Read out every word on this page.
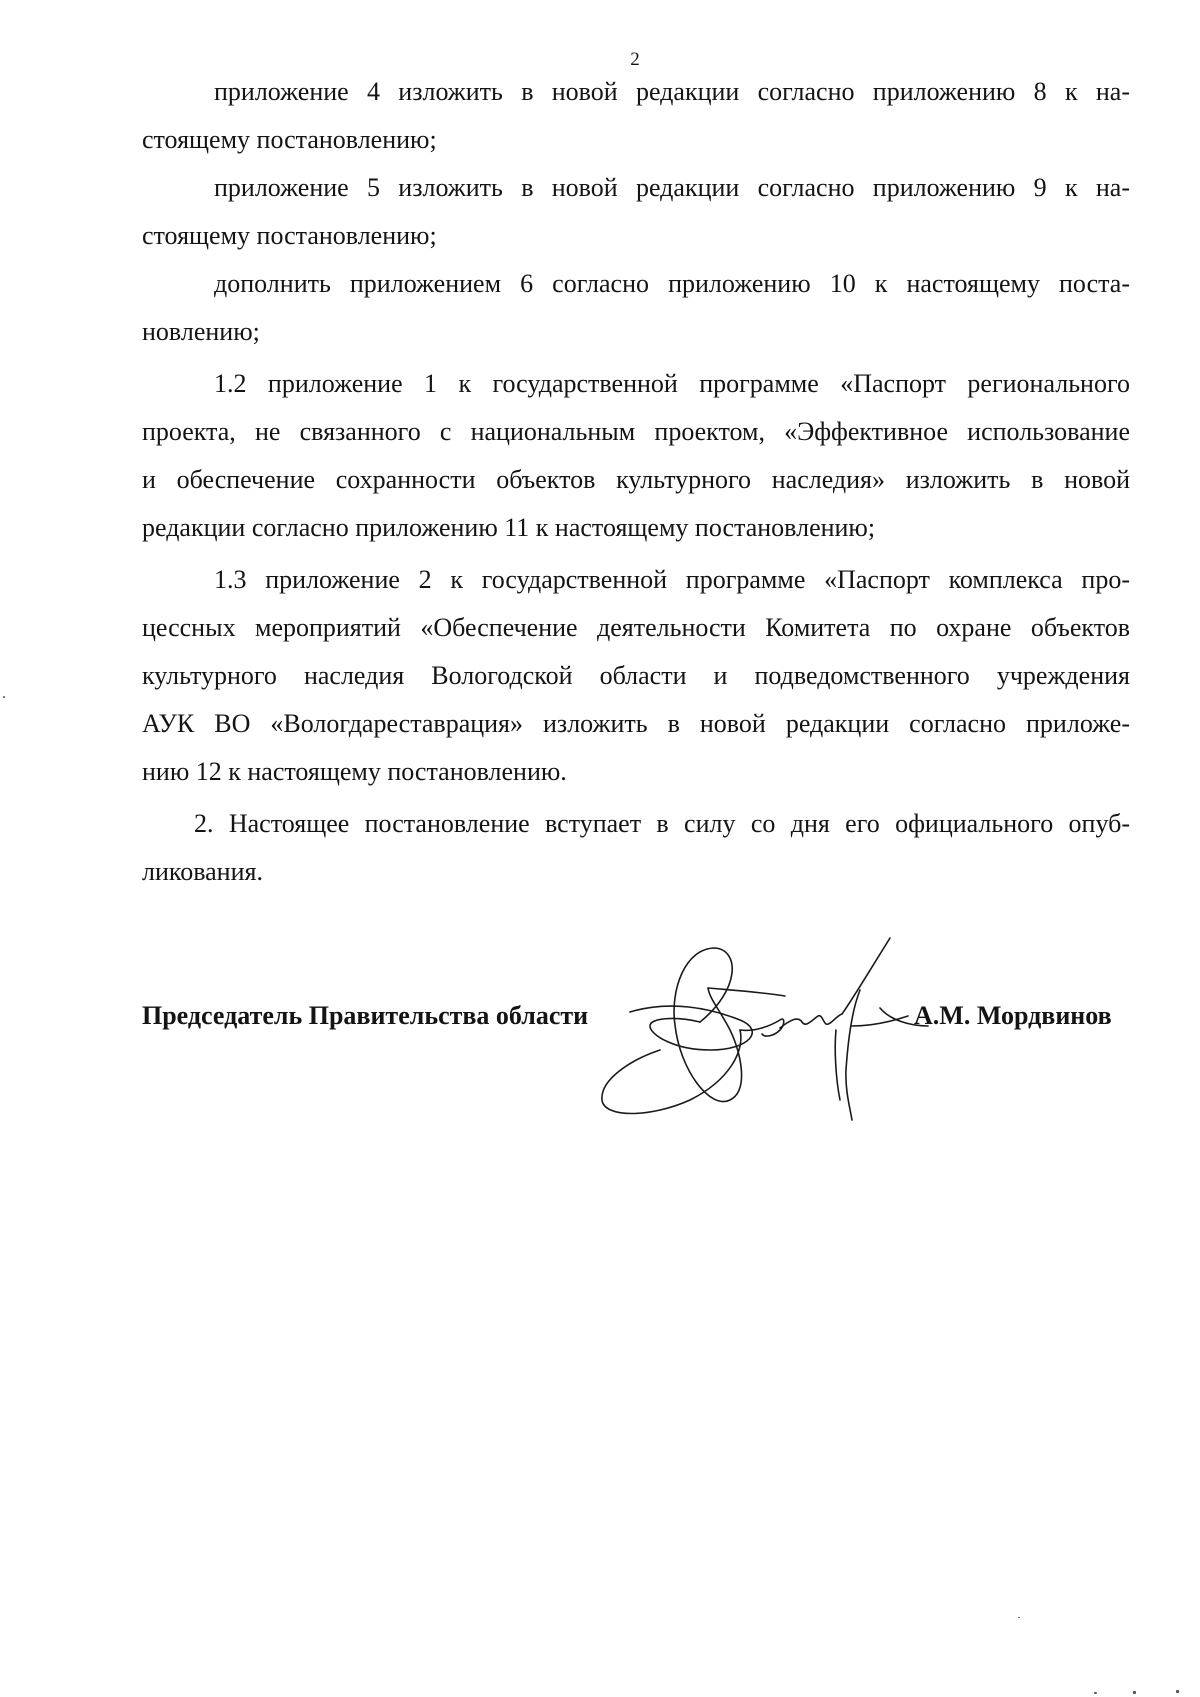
2
приложение 4 изложить в новой редакции согласно приложению 8 к на-
стоящему постановлению;
приложение 5 изложить в новой редакции согласно приложению 9 к на-
стоящему постановлению;
дополнить приложением 6 согласно приложению 10 к настоящему поста-
новлению;
1.2 приложение 1 к государственной программе «Паспорт регионального
проекта, не связанного с национальным проектом, «Эффективное использование
и обеспечение сохранности объектов культурного наследия» изложить в новой
редакции согласно приложению 11 к настоящему постановлению;
1.3 приложение 2 к государственной программе «Паспорт комплекса про-
цессных мероприятий «Обеспечение деятельности Комитета по охране объектов
культурного наследия Вологодской области и подведомственного учреждения
АУК ВО «Вологдареставрация» изложить в новой редакции согласно приложе-
нию 12 к настоящему постановлению.
2. Настоящее постановление вступает в силу со дня его официального опуб-
ликования.
Председатель Правительства области	А.М. Мордвинов
